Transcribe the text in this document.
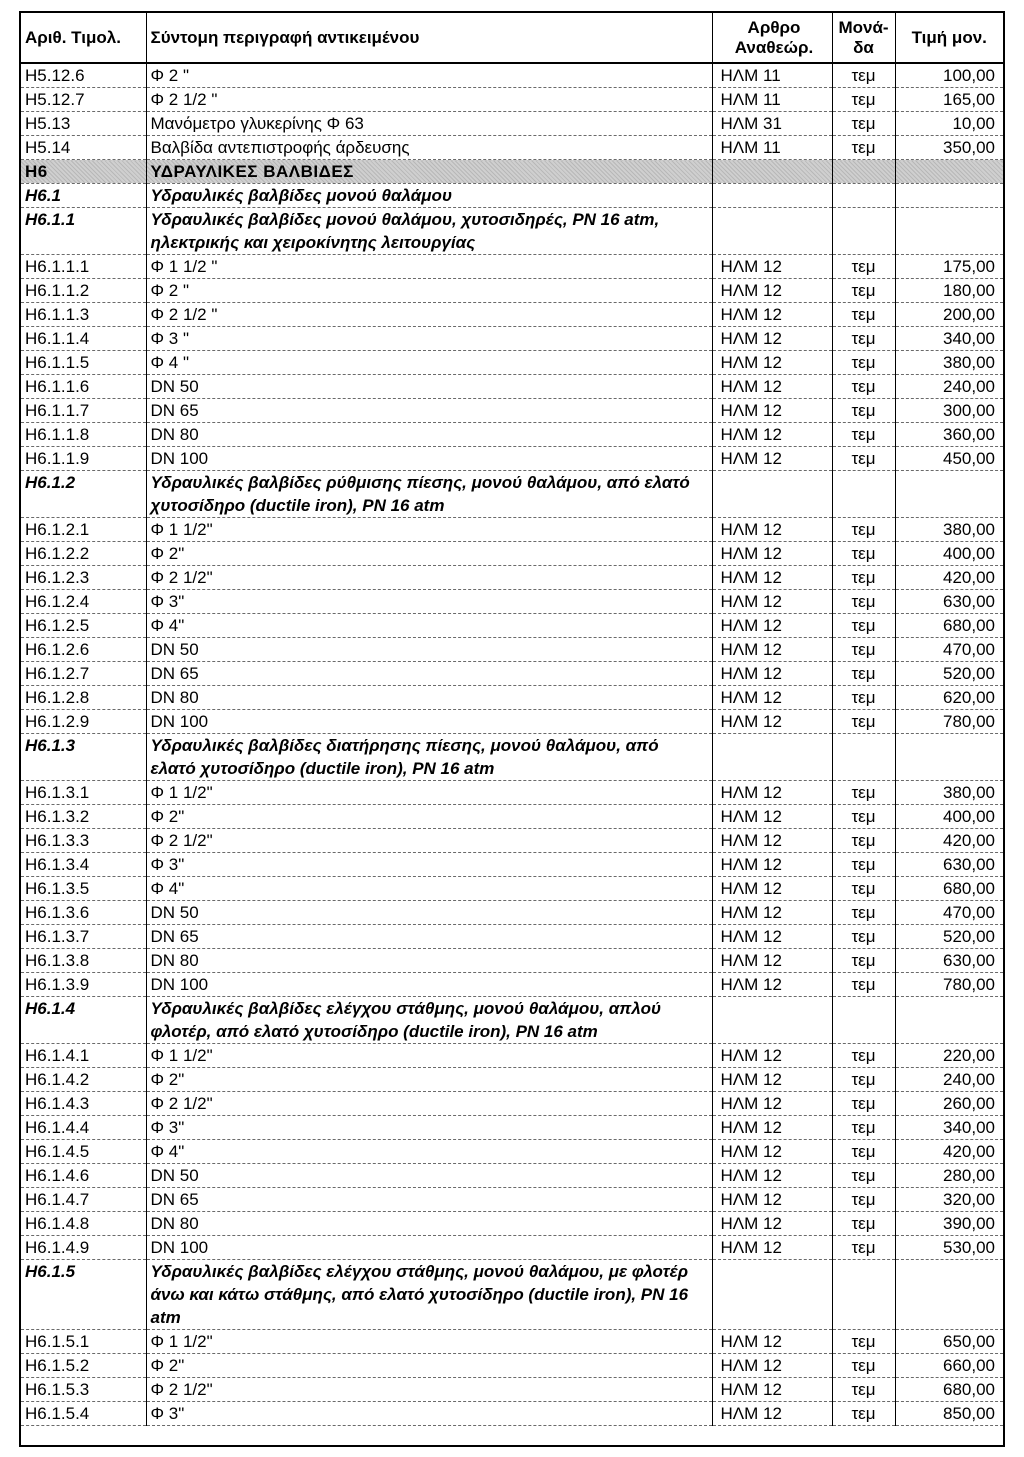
Αριθ. Τιμολ.	Σύντομη περιγραφή αντικειμένου	Αρθρο Αναθεώρ.	Μονά- δα	Τιμή μον.
Η5.12.6	Φ 2 "	ΗΛΜ 11	τεμ	100,00
Η5.12.7	Φ 2 1/2 "	ΗΛΜ 11	τεμ	165,00
Η5.13	Μανόμετρο γλυκερίνης Φ 63	ΗΛΜ 31	τεμ	10,00
Η5.14	Βαλβίδα αντεπιστροφής άρδευσης	ΗΛΜ 11	τεμ	350,00
Η6	ΥΔΡΑΥΛΙΚΕΣ ΒΑΛΒΙΔΕΣ			
Η6.1	Υδραυλικές βαλβίδες μονού θαλάμου			
Η6.1.1	Υδραυλικές βαλβίδες μονού θαλάμου, χυτοσιδηρές, PN 16 atm, ηλεκτρικής και χειροκίνητης λειτουργίας			
Η6.1.1.1	Φ 1 1/2 "	ΗΛΜ 12	τεμ	175,00
Η6.1.1.2	Φ 2 "	ΗΛΜ 12	τεμ	180,00
Η6.1.1.3	Φ 2 1/2 "	ΗΛΜ 12	τεμ	200,00
Η6.1.1.4	Φ 3 "	ΗΛΜ 12	τεμ	340,00
Η6.1.1.5	Φ 4 "	ΗΛΜ 12	τεμ	380,00
Η6.1.1.6	DN 50	ΗΛΜ 12	τεμ	240,00
Η6.1.1.7	DN 65	ΗΛΜ 12	τεμ	300,00
Η6.1.1.8	DN 80	ΗΛΜ 12	τεμ	360,00
Η6.1.1.9	DN 100	ΗΛΜ 12	τεμ	450,00
Η6.1.2	Υδραυλικές βαλβίδες ρύθμισης πίεσης, μονού θαλάμου, από ελατό χυτοσίδηρο (ductile iron), PN 16 atm			
Η6.1.2.1	Φ 1 1/2"	ΗΛΜ 12	τεμ	380,00
Η6.1.2.2	Φ 2"	ΗΛΜ 12	τεμ	400,00
Η6.1.2.3	Φ 2 1/2"	ΗΛΜ 12	τεμ	420,00
Η6.1.2.4	Φ 3"	ΗΛΜ 12	τεμ	630,00
Η6.1.2.5	Φ 4"	ΗΛΜ 12	τεμ	680,00
Η6.1.2.6	DN 50	ΗΛΜ 12	τεμ	470,00
Η6.1.2.7	DN 65	ΗΛΜ 12	τεμ	520,00
Η6.1.2.8	DN 80	ΗΛΜ 12	τεμ	620,00
Η6.1.2.9	DN 100	ΗΛΜ 12	τεμ	780,00
Η6.1.3	Υδραυλικές βαλβίδες διατήρησης πίεσης, μονού θαλάμου, από ελατό χυτοσίδηρο (ductile iron), PN 16 atm			
Η6.1.3.1	Φ 1 1/2"	ΗΛΜ 12	τεμ	380,00
Η6.1.3.2	Φ 2"	ΗΛΜ 12	τεμ	400,00
Η6.1.3.3	Φ 2 1/2"	ΗΛΜ 12	τεμ	420,00
Η6.1.3.4	Φ 3"	ΗΛΜ 12	τεμ	630,00
Η6.1.3.5	Φ 4"	ΗΛΜ 12	τεμ	680,00
Η6.1.3.6	DN 50	ΗΛΜ 12	τεμ	470,00
Η6.1.3.7	DN 65	ΗΛΜ 12	τεμ	520,00
Η6.1.3.8	DN 80	ΗΛΜ 12	τεμ	630,00
Η6.1.3.9	DN 100	ΗΛΜ 12	τεμ	780,00
Η6.1.4	Υδραυλικές βαλβίδες ελέγχου στάθμης, μονού θαλάμου, απλού φλοτέρ, από ελατό χυτοσίδηρο (ductile iron), PN 16 atm			
Η6.1.4.1	Φ 1 1/2"	ΗΛΜ 12	τεμ	220,00
Η6.1.4.2	Φ 2"	ΗΛΜ 12	τεμ	240,00
Η6.1.4.3	Φ 2 1/2"	ΗΛΜ 12	τεμ	260,00
Η6.1.4.4	Φ 3"	ΗΛΜ 12	τεμ	340,00
Η6.1.4.5	Φ 4"	ΗΛΜ 12	τεμ	420,00
Η6.1.4.6	DN 50	ΗΛΜ 12	τεμ	280,00
Η6.1.4.7	DN 65	ΗΛΜ 12	τεμ	320,00
Η6.1.4.8	DN 80	ΗΛΜ 12	τεμ	390,00
Η6.1.4.9	DN 100	ΗΛΜ 12	τεμ	530,00
Η6.1.5	Υδραυλικές βαλβίδες ελέγχου στάθμης, μονού θαλάμου, με φλοτέρ άνω και κάτω στάθμης, από ελατό χυτοσίδηρο (ductile iron), PN 16 atm			
Η6.1.5.1	Φ 1 1/2"	ΗΛΜ 12	τεμ	650,00
Η6.1.5.2	Φ 2"	ΗΛΜ 12	τεμ	660,00
Η6.1.5.3	Φ 2 1/2"	ΗΛΜ 12	τεμ	680,00
Η6.1.5.4	Φ 3"	ΗΛΜ 12	τεμ	850,00
